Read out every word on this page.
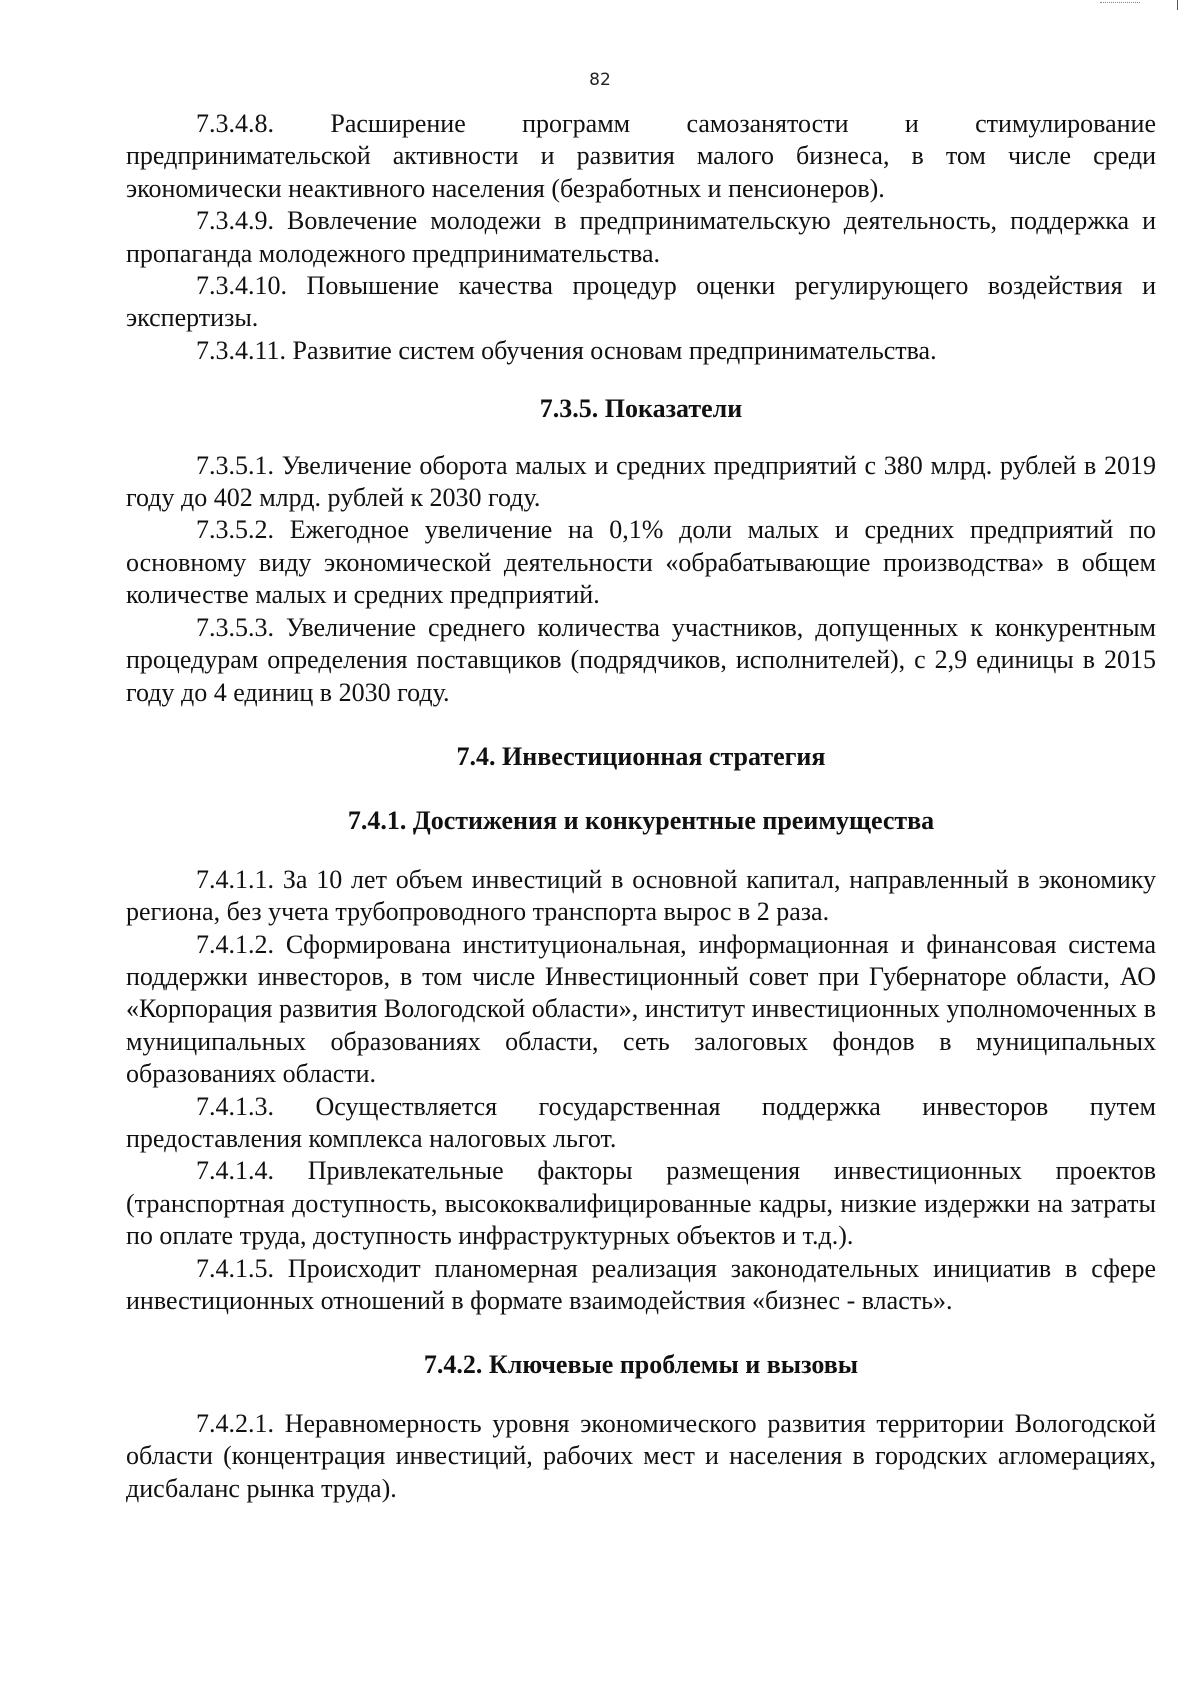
82

7.3.4.8. Расширение программ самозанятости и стимулирование предпринимательской активности и развития малого бизнеса, в том числе среди экономически неактивного населения (безработных и пенсионеров).

7.3.4.9. Вовлечение молодежи в предпринимательскую деятельность, поддержка и пропаганда молодежного предпринимательства.

7.3.4.10. Повышение качества процедур оценки регулирующего воздействия и экспертизы.

7.3.4.11. Развитие систем обучения основам предпринимательства.

7.3.5. Показатели

7.3.5.1. Увеличение оборота малых и средних предприятий с 380 млрд. рублей в 2019 году до 402 млрд. рублей к 2030 году.

7.3.5.2. Ежегодное увеличение на 0,1% доли малых и средних предприятий по основному виду экономической деятельности «обрабатывающие производства» в общем количестве малых и средних предприятий.

7.3.5.3. Увеличение среднего количества участников, допущенных к конкурентным процедурам определения поставщиков (подрядчиков, исполнителей), с 2,9 единицы в 2015 году до 4 единиц в 2030 году.

7.4. Инвестиционная стратегия
7.4.1. Достижения и конкурентные преимущества

7.4.1.1. За 10 лет объем инвестиций в основной капитал, направленный в экономику региона, без учета трубопроводного транспорта вырос в 2 раза.

7.4.1.2. Сформирована институциональная, информационная и финансовая система поддержки инвесторов, в том числе Инвестиционный совет при Губернаторе области, АО «Корпорация развития Вологодской области», институт инвестиционных уполномоченных в муниципальных образованиях области, сеть залоговых фондов в муниципальных образованиях области.

7.4.1.3. Осуществляется государственная поддержка инвесторов путем предоставления комплекса налоговых льгот.

7.4.1.4. Привлекательные факторы размещения инвестиционных проектов (транспортная доступность, высококвалифицированные кадры, низкие издержки на затраты по оплате труда, доступность инфраструктурных объектов и т.д.).

7.4.1.5. Происходит планомерная реализация законодательных инициатив в сфере инвестиционных отношений в формате взаимодействия «бизнес - власть».

7.4.2. Ключевые проблемы и вызовы

7.4.2.1. Неравномерность уровня экономического развития территории Вологодской области (концентрация инвестиций, рабочих мест и населения в городских агломерациях, дисбаланс рынка труда).
